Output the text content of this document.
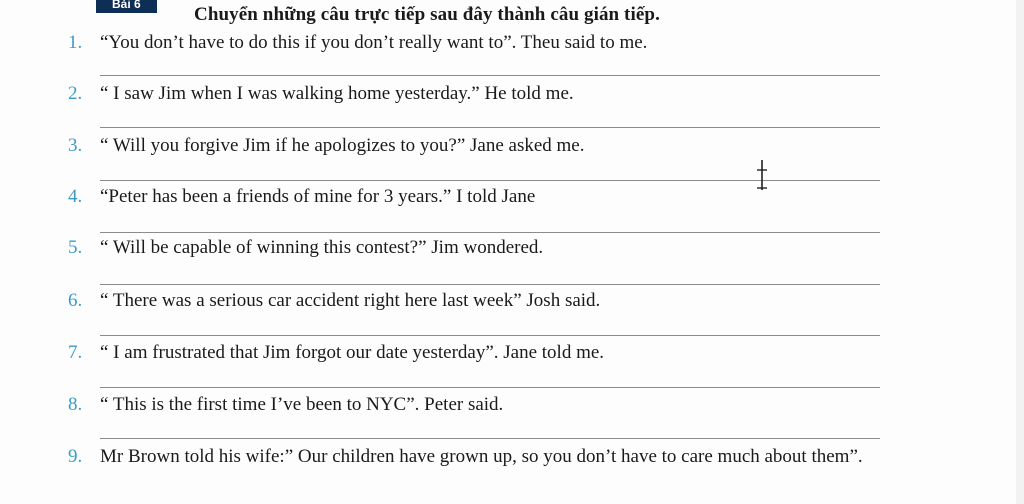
Bài 6	Chuyển những câu trực tiếp sau đây thành câu gián tiếp.
1. “You don’t have to do this if you don’t really want to”. Theu said to me.
2. “ I saw Jim when I was walking home yesterday.” He told me.
3. “ Will you forgive Jim if he apologizes to you?” Jane asked me.
4. “Peter has been a friends of mine for 3 years.” I told Jane
5. “ Will be capable of winning this contest?” Jim wondered.
6. “ There was a serious car accident right here last week” Josh said.
7. “ I am frustrated that Jim forgot our date yesterday”. Jane told me.
8. “ This is the first time I’ve been to NYC”. Peter said.
9. Mr Brown told his wife:” Our children have grown up, so you don’t have to care much about them”.
